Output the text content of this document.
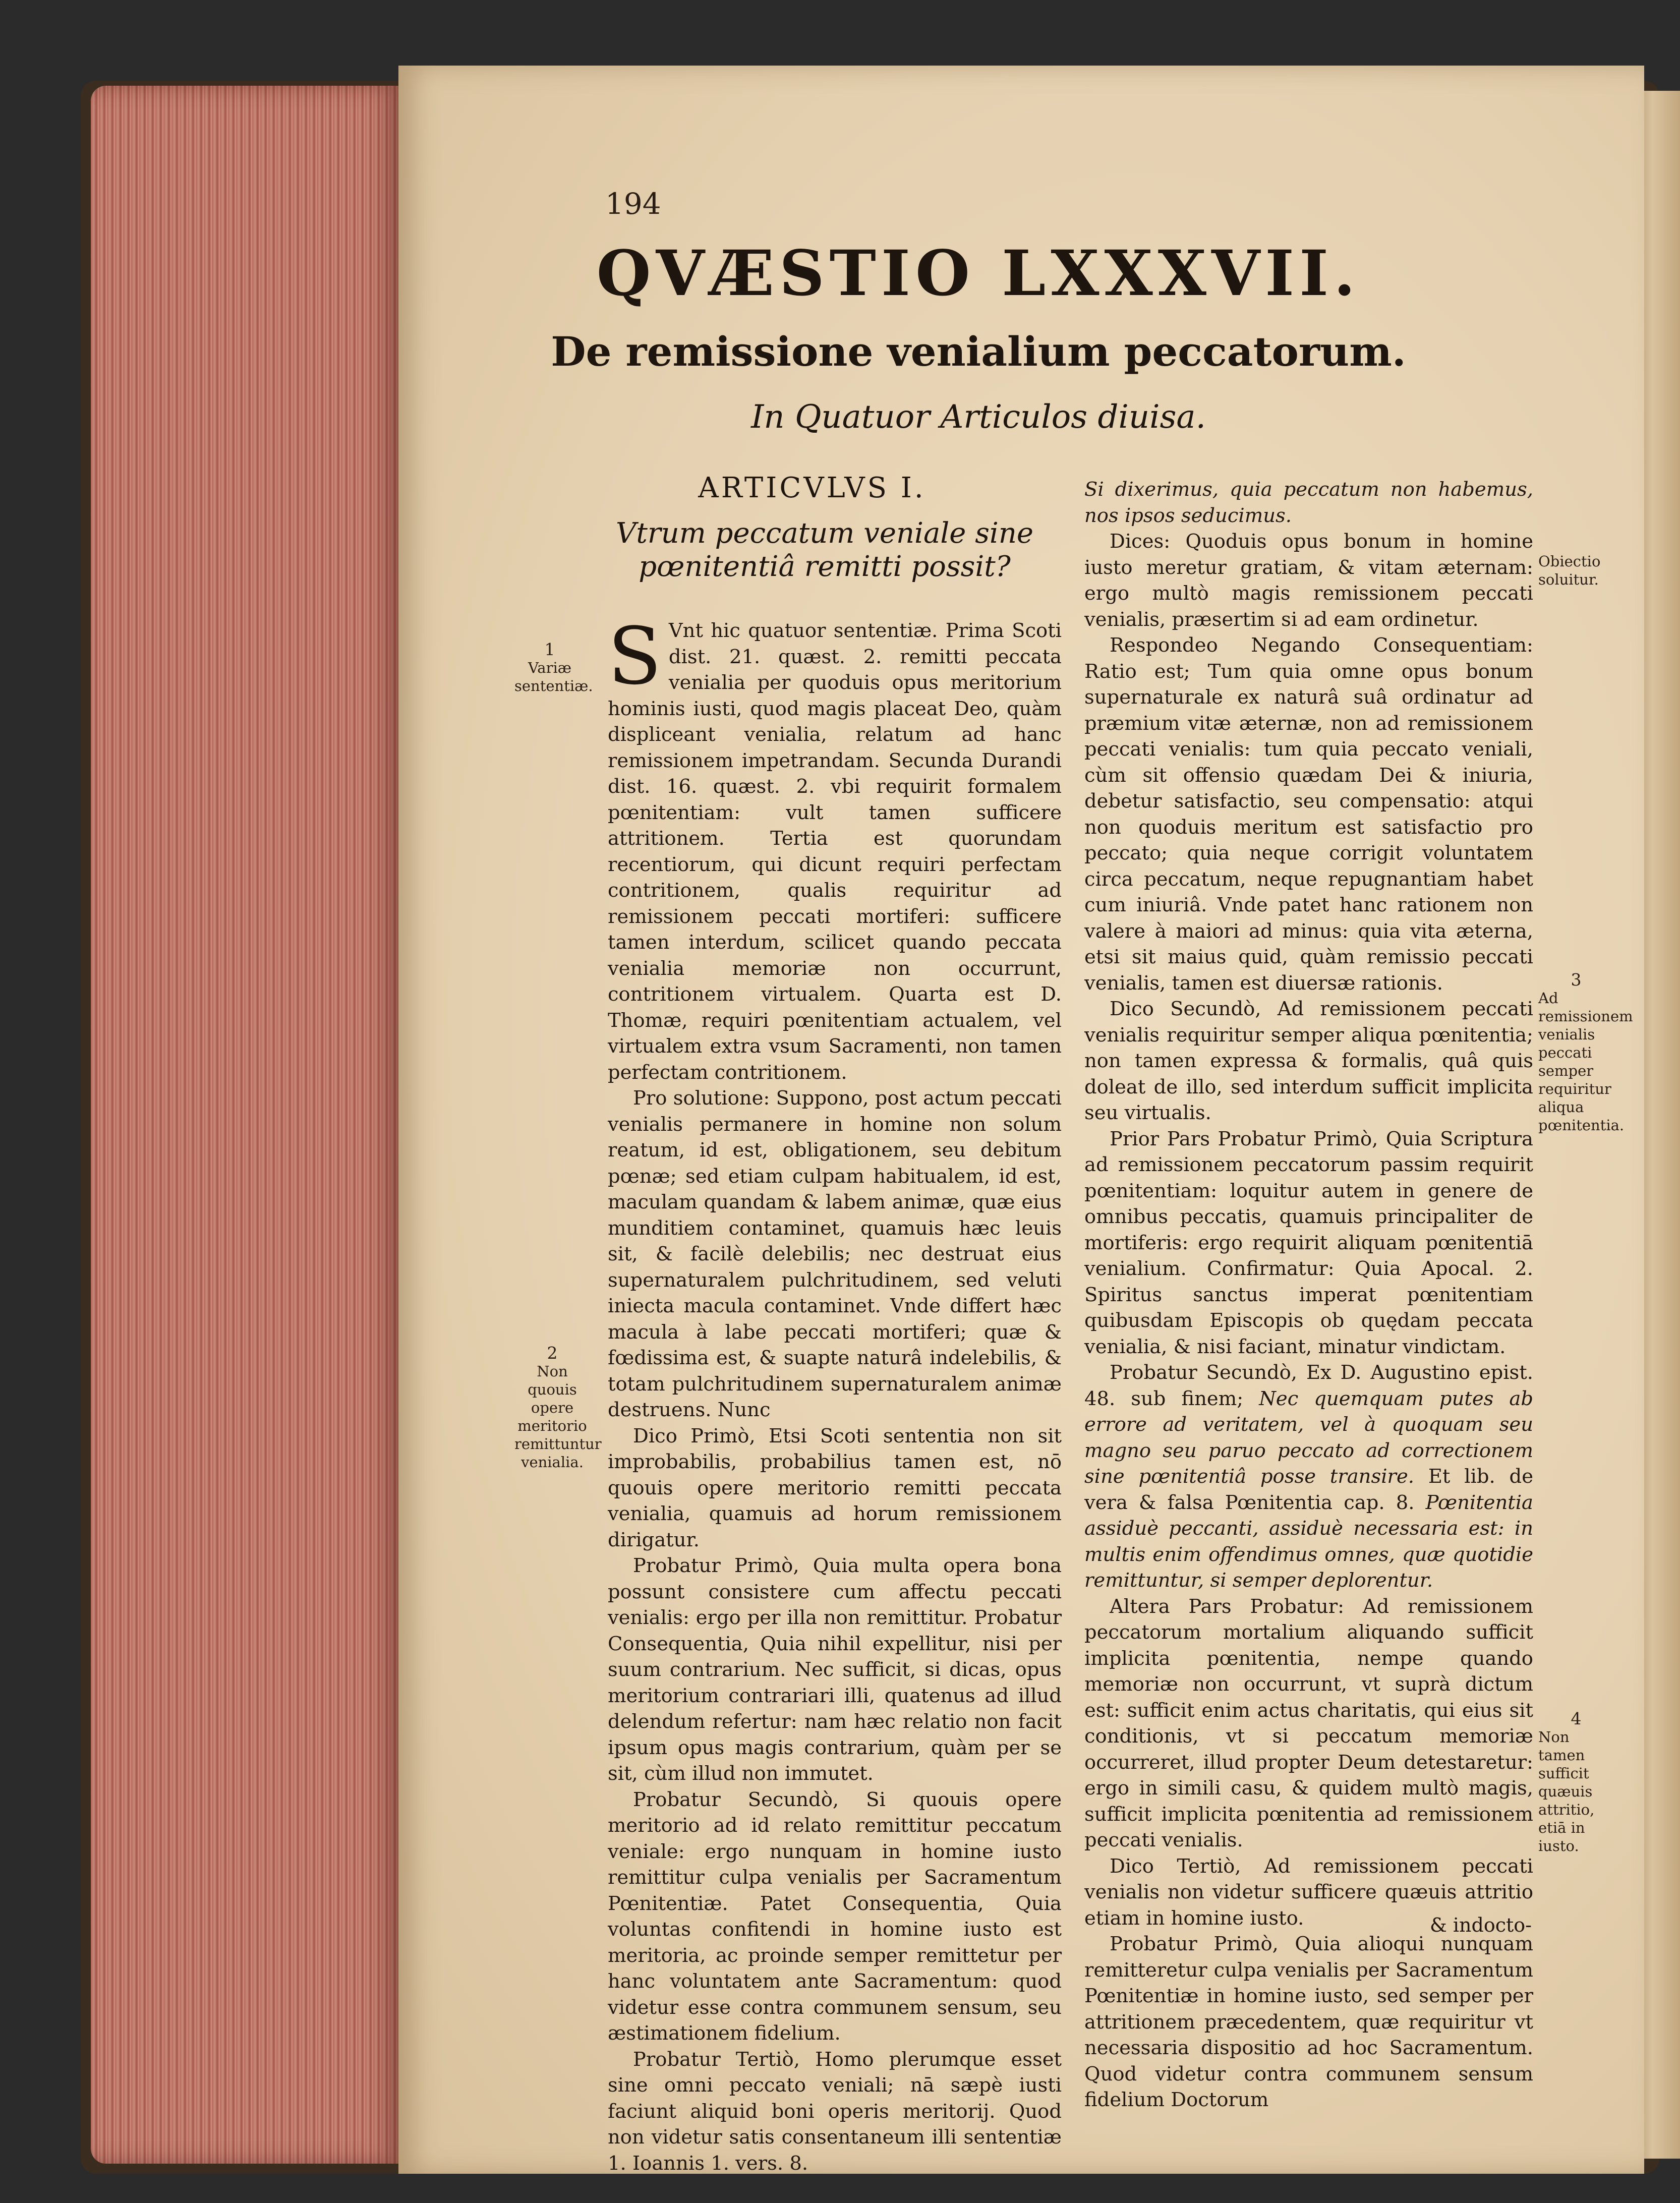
194
QVÆSTIO LXXXVII.
De remissione venialium peccatorum.
In Quatuor Articulos diuisa.
ARTICVLVS I.
Vtrum peccatum veniale sine pœnitentiâ remitti possit?

S Vnt hic quatuor sententiæ. Prima Scoti dist. 21. quæst. 2. remitti peccata venialia per quoduis opus meritorium hominis iusti, quod magis placeat Deo, quàm displiceant venialia, relatum ad hanc remissionem impetrandam. Secunda Durandi dist. 16. quæst. 2. vbi requirit formalem pœnitentiam: vult tamen sufficere attritionem. Tertia est quorundam recentiorum, qui dicunt requiri perfectam contritionem, qualis requiritur ad remissionem peccati mortiferi: sufficere tamen interdum, scilicet quando peccata venialia memoriæ non occurrunt, contritionem virtualem. Quarta est D. Thomæ, requiri pœnitentiam actualem, vel virtualem extra vsum Sacramenti, non tamen perfectam contritionem.

Pro solutione: Suppono, post actum peccati venialis permanere in homine non solum reatum, id est, obligationem, seu debitum pœnæ; sed etiam culpam habitualem, id est, maculam quandam & labem animæ, quæ eius munditiem contaminet, quamuis hæc leuis sit, & facilè delebilis; nec destruat eius supernaturalem pulchritudinem, sed veluti iniecta macula contaminet. Vnde differt hæc macula à labe peccati mortiferi; quæ & fœdissima est, & suapte naturâ indelebilis, & totam pulchritudinem supernaturalem animæ destruens. Nunc

Dico Primò, Etsi Scoti sententia non sit improbabilis, probabilius tamen est, nō quouis opere meritorio remitti peccata venialia, quamuis ad horum remissionem dirigatur.

Probatur Primò, Quia multa opera bona possunt consistere cum affectu peccati venialis: ergo per illa non remittitur. Probatur Consequentia, Quia nihil expellitur, nisi per suum contrarium. Nec sufficit, si dicas, opus meritorium contrariari illi, quatenus ad illud delendum refertur: nam hæc relatio non facit ipsum opus magis contrarium, quàm per se sit, cùm illud non immutet.

Probatur Secundò, Si quouis opere meritorio ad id relato remittitur peccatum veniale: ergo nunquam in homine iusto remittitur culpa venialis per Sacramentum Pœnitentiæ. Patet Consequentia, Quia voluntas confitendi in homine iusto est meritoria, ac proinde semper remittetur per hanc voluntatem ante Sacramentum: quod videtur esse contra communem sensum, seu æstimationem fidelium.

Probatur Tertiò, Homo plerumque esset sine omni peccato veniali; nā sæpè iusti faciunt aliquid boni operis meritorij. Quod non videtur satis consentaneum illi sententiæ 1. Ioannis 1. vers. 8.

Si dixerimus, quia peccatum non habemus, nos ipsos seducimus.

Dices: Quoduis opus bonum in homine iusto meretur gratiam, & vitam æternam: ergo multò magis remissionem peccati venialis, præsertim si ad eam ordinetur.

Respondeo Negando Consequentiam: Ratio est; Tum quia omne opus bonum supernaturale ex naturâ suâ ordinatur ad præmium vitæ æternæ, non ad remissionem peccati venialis: tum quia peccato veniali, cùm sit offensio quædam Dei & iniuria, debetur satisfactio, seu compensatio: atqui non quoduis meritum est satisfactio pro peccato; quia neque corrigit voluntatem circa peccatum, neque repugnantiam habet cum iniuriâ. Vnde patet hanc rationem non valere à maiori ad minus: quia vita æterna, etsi sit maius quid, quàm remissio peccati venialis, tamen est diuersæ rationis.

Dico Secundò, Ad remissionem peccati venialis requiritur semper aliqua pœnitentia; non tamen expressa & formalis, quâ quis doleat de illo, sed interdum sufficit implicita seu virtualis.

Prior Pars Probatur Primò, Quia Scriptura ad remissionem peccatorum passim requirit pœnitentiam: loquitur autem in genere de omnibus peccatis, quamuis principaliter de mortiferis: ergo requirit aliquam pœnitentiā venialium. Confirmatur: Quia Apocal. 2. Spiritus sanctus imperat pœnitentiam quibusdam Episcopis ob quędam peccata venialia, & nisi faciant, minatur vindictam.

Probatur Secundò, Ex D. Augustino epist. 48. sub finem; Nec quemquam putes ab errore ad veritatem, vel à quoquam seu magno seu paruo peccato ad correctionem sine pœnitentiâ posse transire. Et lib. de vera & falsa Pœnitentia cap. 8. Pœnitentia assiduè peccanti, assiduè necessaria est: in multis enim offendimus omnes, quæ quotidie remittuntur, si semper deplorentur.

Altera Pars Probatur: Ad remissionem peccatorum mortalium aliquando sufficit implicita pœnitentia, nempe quando memoriæ non occurrunt, vt suprà dictum est: sufficit enim actus charitatis, qui eius sit conditionis, vt si peccatum memoriæ occurreret, illud propter Deum detestaretur: ergo in simili casu, & quidem multò magis, sufficit implicita pœnitentia ad remissionem peccati venialis.

Dico Tertiò, Ad remissionem peccati venialis non videtur sufficere quæuis attritio etiam in homine iusto.

Probatur Primò, Quia alioqui nunquam remitteretur culpa venialis per Sacramentum Pœnitentiæ in homine iusto, sed semper per attritionem præcedentem, quæ requiritur vt necessaria dispositio ad hoc Sacramentum. Quod videtur contra communem sensum fidelium Doctorum

& indocto-
1
Variæ sententiæ.
2
Non quouis opere meritorio remittuntur venialia.
Obiectio soluitur.
3
Ad remissionem venialis peccati semper requiritur aliqua pœnitentia.
4
Non tamen sufficit quæuis attritio, etiā in iusto.
